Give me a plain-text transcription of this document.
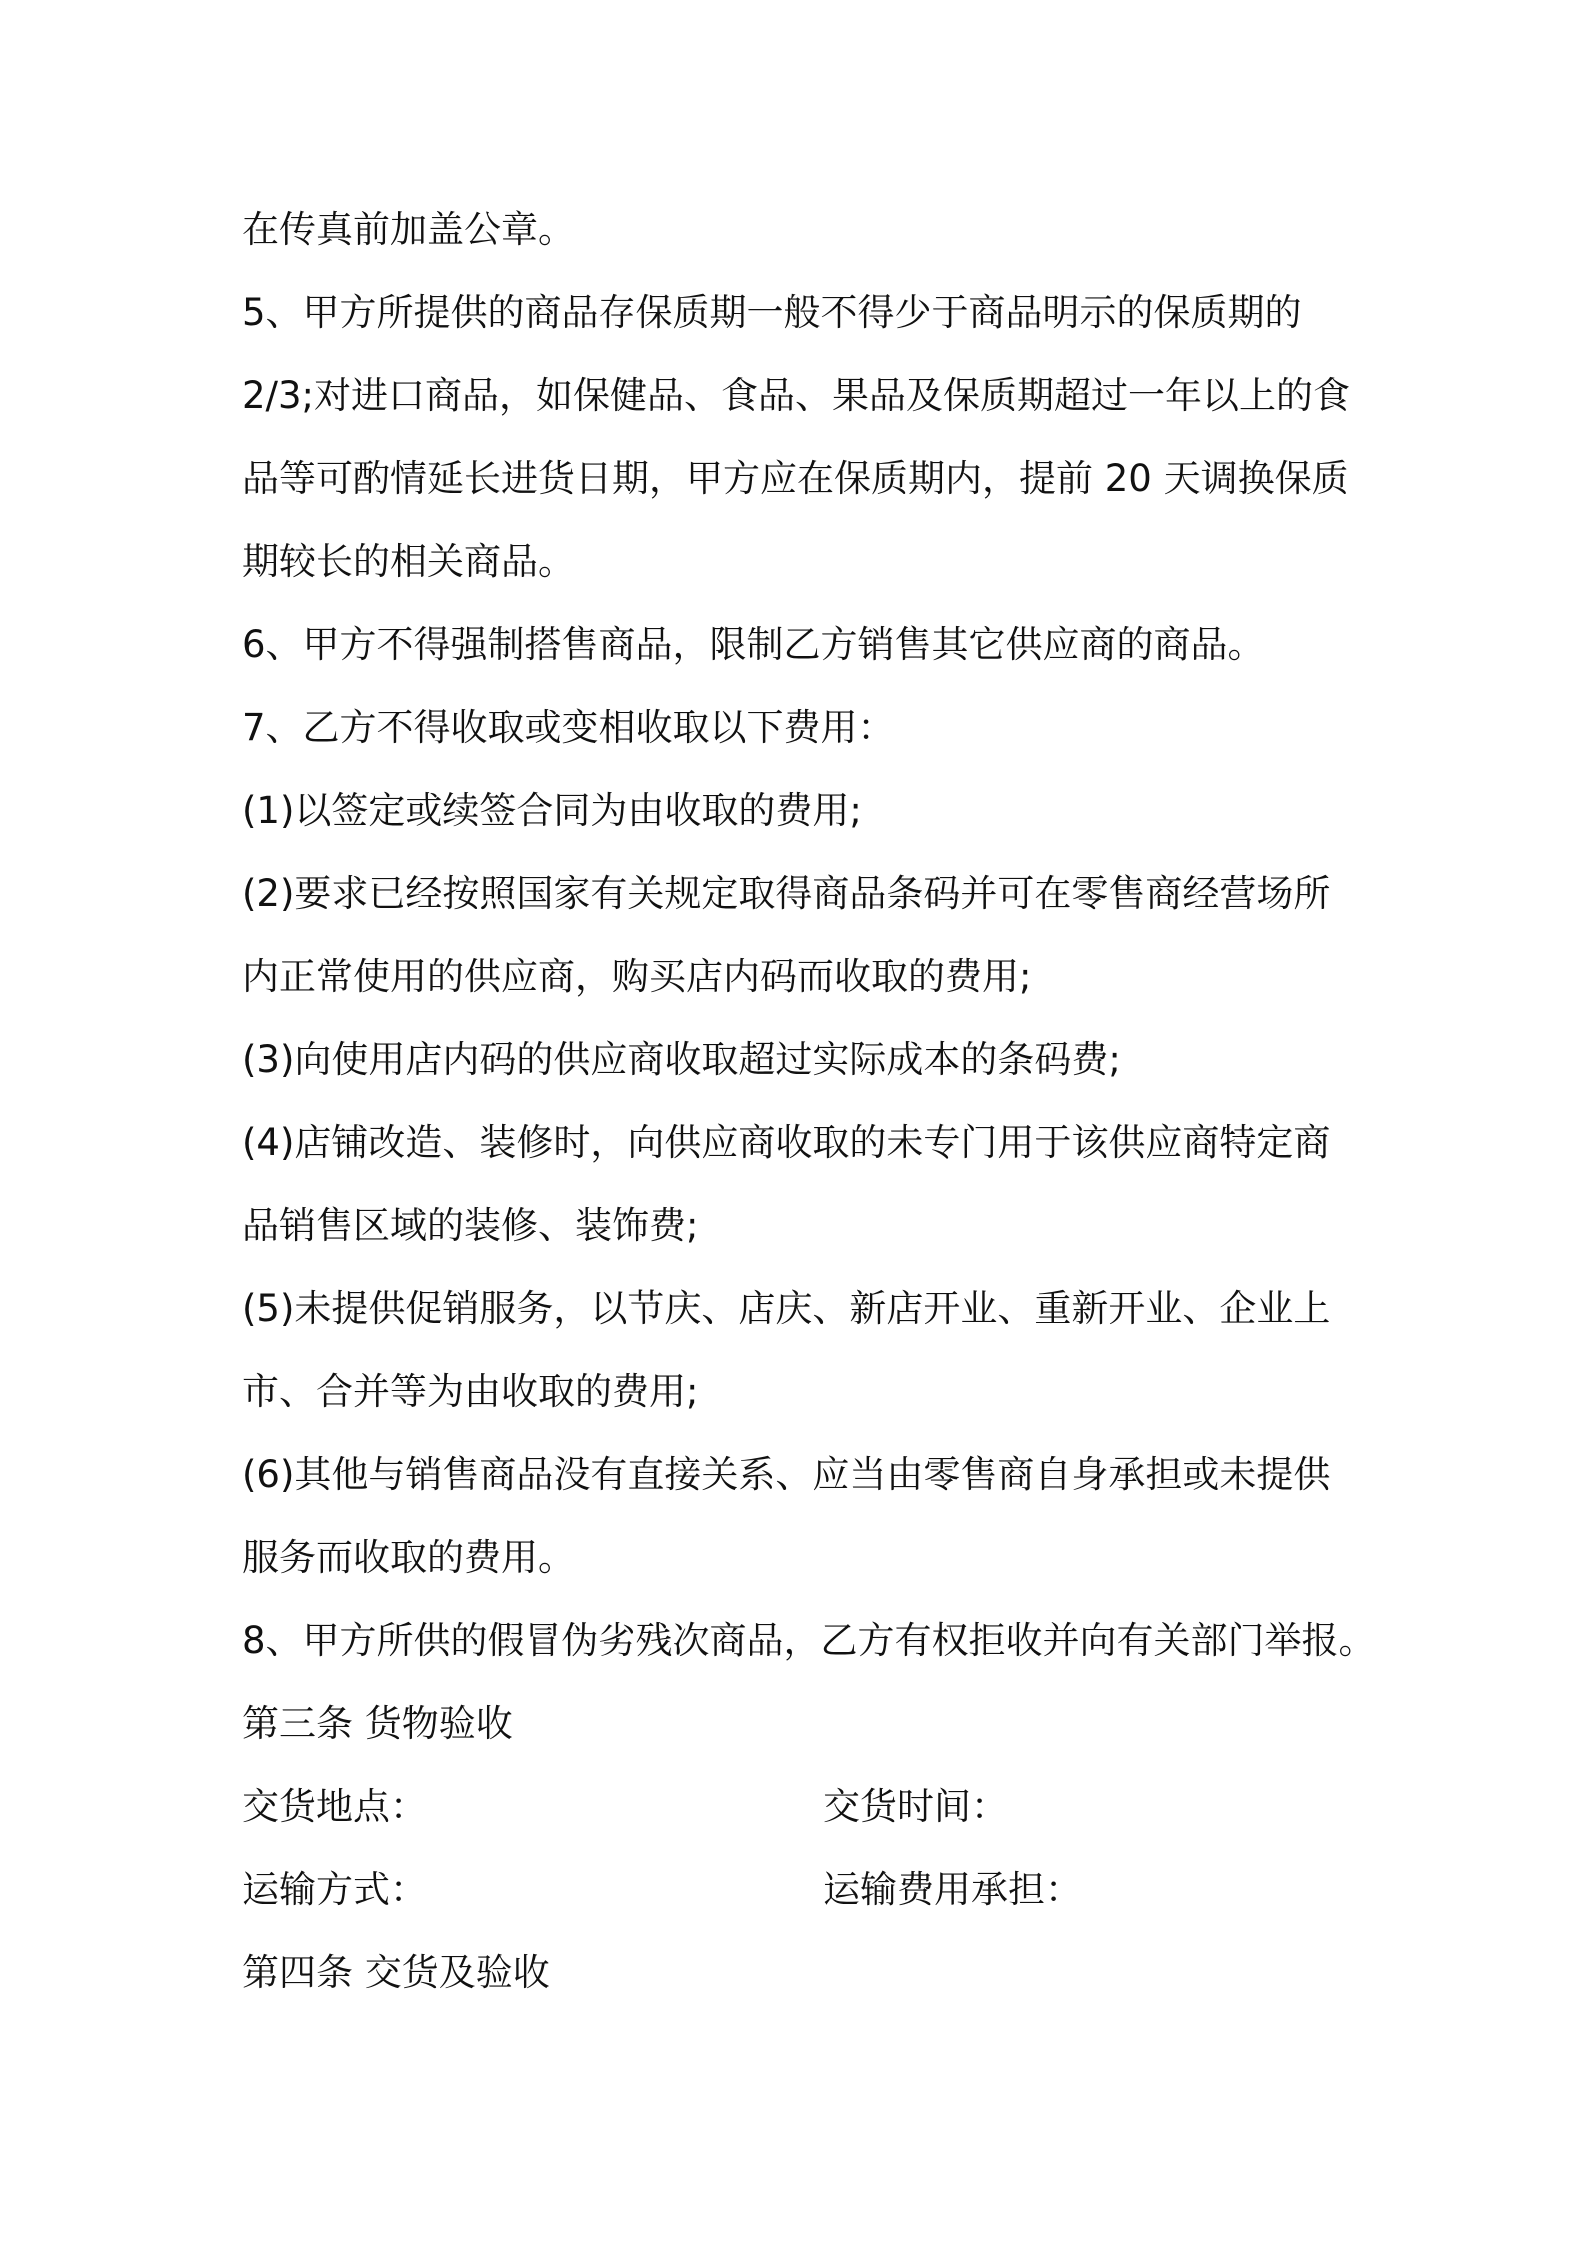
在传真前加盖公章。
5、甲方所提供的商品存保质期一般不得少于商品明示的保质期的
2/3;对进口商品，如保健品、食品、果品及保质期超过一年以上的食
品等可酌情延长进货日期，甲方应在保质期内，提前 20 天调换保质
期较长的相关商品。
6、甲方不得强制搭售商品，限制乙方销售其它供应商的商品。
7、乙方不得收取或变相收取以下费用：
(1)以签定或续签合同为由收取的费用;
(2)要求已经按照国家有关规定取得商品条码并可在零售商经营场所
内正常使用的供应商，购买店内码而收取的费用;
(3)向使用店内码的供应商收取超过实际成本的条码费;
(4)店铺改造、装修时，向供应商收取的未专门用于该供应商特定商
品销售区域的装修、装饰费;
(5)未提供促销服务，以节庆、店庆、新店开业、重新开业、企业上
市、合并等为由收取的费用;
(6)其他与销售商品没有直接关系、应当由零售商自身承担或未提供
服务而收取的费用。
8、甲方所供的假冒伪劣残次商品，乙方有权拒收并向有关部门举报。
第三条 货物验收
交货地点：	交货时间：
运输方式：	运输费用承担：
第四条 交货及验收
